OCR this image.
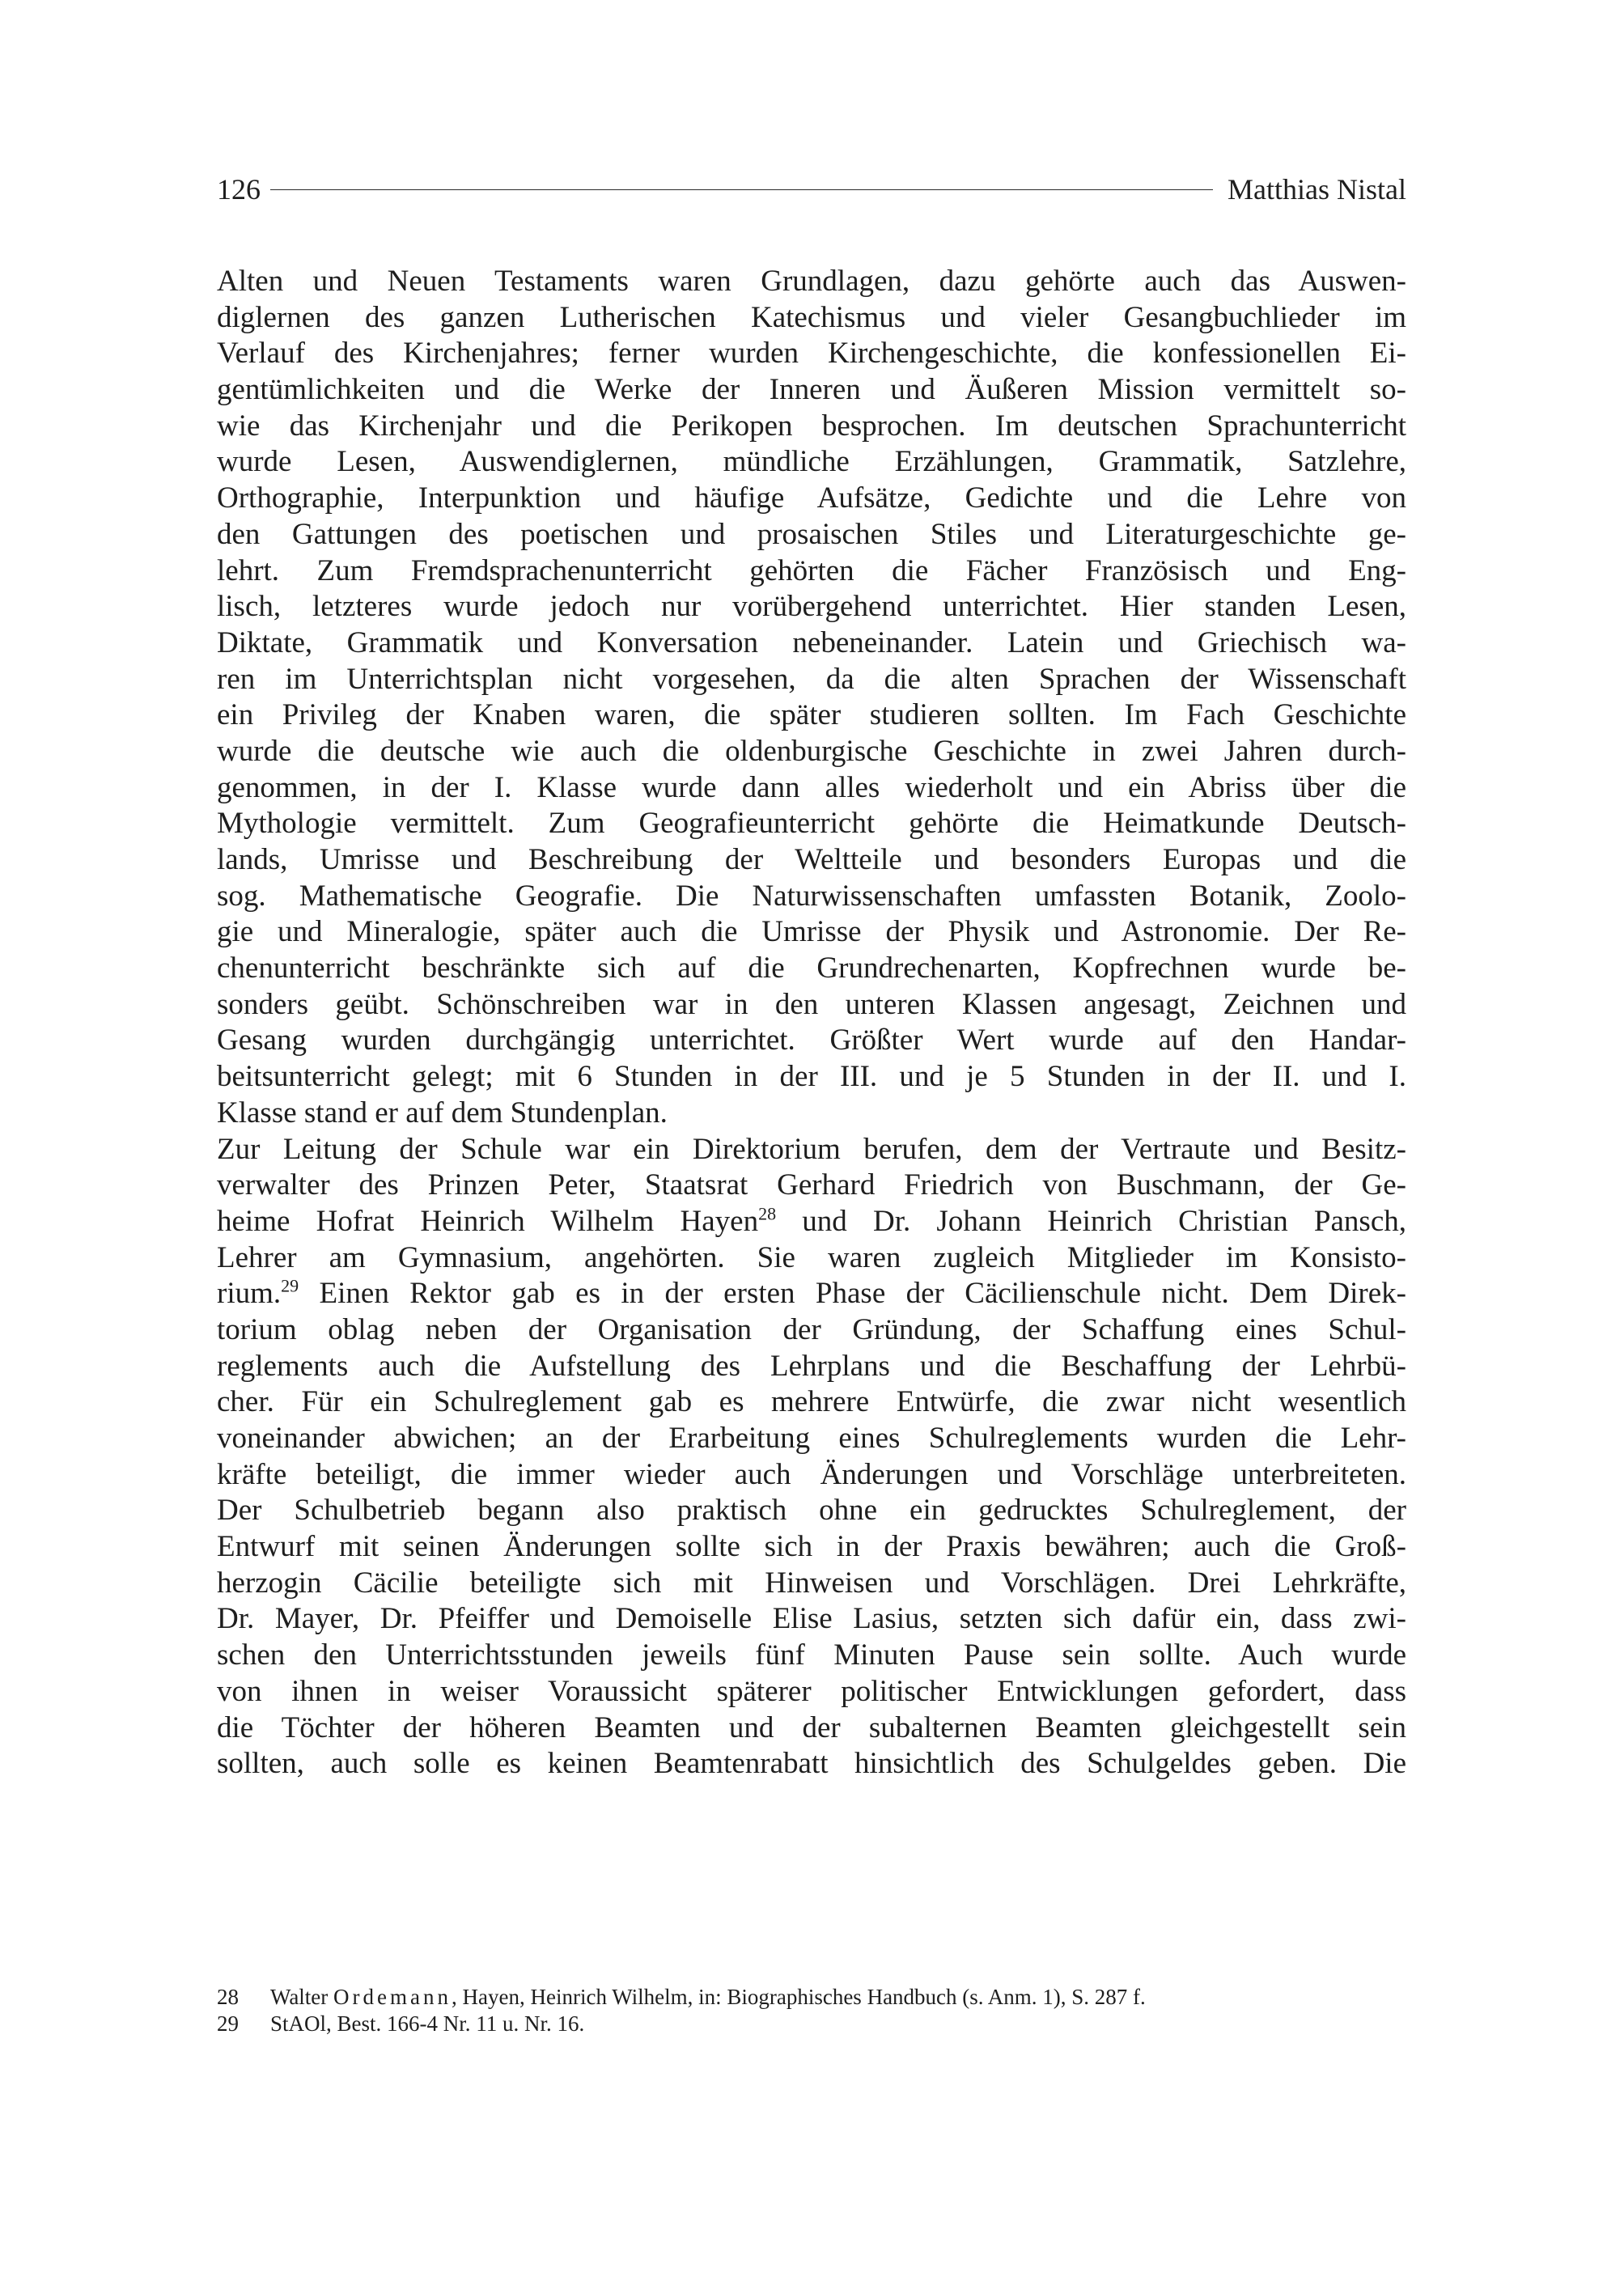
126	Matthias Nistal
Alten und Neuen Testaments waren Grundlagen, dazu gehörte auch das Auswen-
diglernen des ganzen Lutherischen Katechismus und vieler Gesangbuchlieder im
Verlauf des Kirchenjahres; ferner wurden Kirchengeschichte, die konfessionellen Ei-
gentümlichkeiten und die Werke der Inneren und Äußeren Mission vermittelt so-
wie das Kirchenjahr und die Perikopen besprochen. Im deutschen Sprachunterricht
wurde Lesen, Auswendiglernen, mündliche Erzählungen, Grammatik, Satzlehre,
Orthographie, Interpunktion und häufige Aufsätze, Gedichte und die Lehre von
den Gattungen des poetischen und prosaischen Stiles und Literaturgeschichte ge-
lehrt. Zum Fremdsprachenunterricht gehörten die Fächer Französisch und Eng-
lisch, letzteres wurde jedoch nur vorübergehend unterrichtet. Hier standen Lesen,
Diktate, Grammatik und Konversation nebeneinander. Latein und Griechisch wa-
ren im Unterrichtsplan nicht vorgesehen, da die alten Sprachen der Wissenschaft
ein Privileg der Knaben waren, die später studieren sollten. Im Fach Geschichte
wurde die deutsche wie auch die oldenburgische Geschichte in zwei Jahren durch-
genommen, in der I. Klasse wurde dann alles wiederholt und ein Abriss über die
Mythologie vermittelt. Zum Geografieunterricht gehörte die Heimatkunde Deutsch-
lands, Umrisse und Beschreibung der Weltteile und besonders Europas und die
sog. Mathematische Geografie. Die Naturwissenschaften umfassten Botanik, Zoolo-
gie und Mineralogie, später auch die Umrisse der Physik und Astronomie. Der Re-
chenunterricht beschränkte sich auf die Grundrechenarten, Kopfrechnen wurde be-
sonders geübt. Schönschreiben war in den unteren Klassen angesagt, Zeichnen und
Gesang wurden durchgängig unterrichtet. Größter Wert wurde auf den Handar-
beitsunterricht gelegt; mit 6 Stunden in der III. und je 5 Stunden in der II. und I.
Klasse stand er auf dem Stundenplan.
Zur Leitung der Schule war ein Direktorium berufen, dem der Vertraute und Besitz-
verwalter des Prinzen Peter, Staatsrat Gerhard Friedrich von Buschmann, der Ge-
heime Hofrat Heinrich Wilhelm Hayen$^{28}$ und Dr. Johann Heinrich Christian Pansch,
Lehrer am Gymnasium, angehörten. Sie waren zugleich Mitglieder im Konsisto-
rium.$^{29}$ Einen Rektor gab es in der ersten Phase der Cäcilienschule nicht. Dem Direk-
torium oblag neben der Organisation der Gründung, der Schaffung eines Schul-
reglements auch die Aufstellung des Lehrplans und die Beschaffung der Lehrbü-
cher. Für ein Schulreglement gab es mehrere Entwürfe, die zwar nicht wesentlich
voneinander abwichen; an der Erarbeitung eines Schulreglements wurden die Lehr-
kräfte beteiligt, die immer wieder auch Änderungen und Vorschläge unterbreiteten.
Der Schulbetrieb begann also praktisch ohne ein gedrucktes Schulreglement, der
Entwurf mit seinen Änderungen sollte sich in der Praxis bewähren; auch die Groß-
herzogin Cäcilie beteiligte sich mit Hinweisen und Vorschlägen. Drei Lehrkräfte,
Dr. Mayer, Dr. Pfeiffer und Demoiselle Elise Lasius, setzten sich dafür ein, dass zwi-
schen den Unterrichtsstunden jeweils fünf Minuten Pause sein sollte. Auch wurde
von ihnen in weiser Voraussicht späterer politischer Entwicklungen gefordert, dass
die Töchter der höheren Beamten und der subalternen Beamten gleichgestellt sein
sollten, auch solle es keinen Beamtenrabatt hinsichtlich des Schulgeldes geben. Die
28	Walter Ordemann, Hayen, Heinrich Wilhelm, in: Biographisches Handbuch (s. Anm. 1), S. 287 f.
29	StAOl, Best. 166-4 Nr. 11 u. Nr. 16.
